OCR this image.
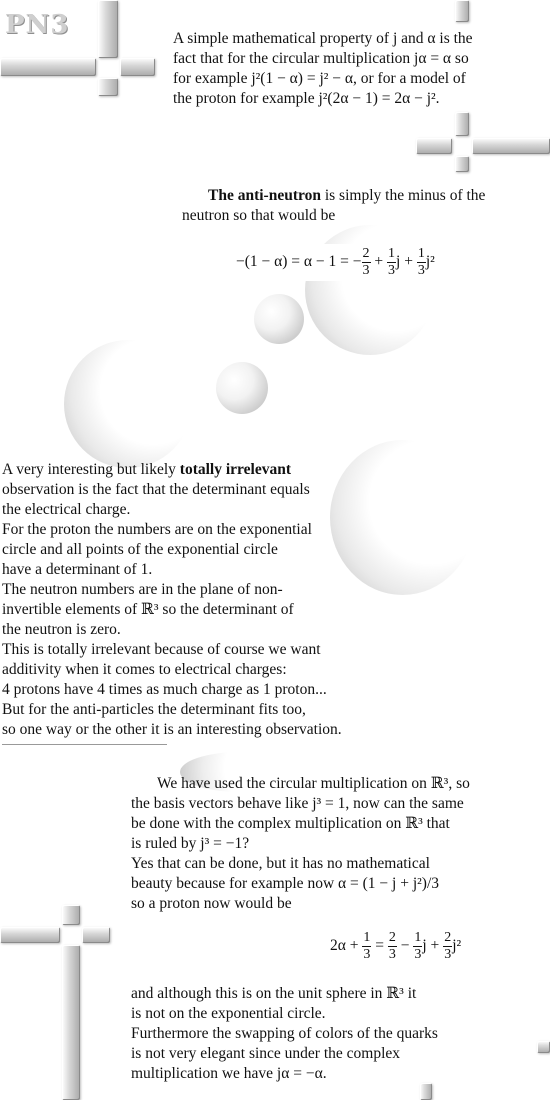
PN3	A simple mathematical property of j and α is the

fact that for the circular multiplication jα = α so

for example j²(1 − α) = j² − α, or for a model of

the proton for example j²(2α − 1) = 2α − j².

The anti-neutron is simply the minus of the

neutron so that would be

−(1 − α) = α − 1 = − $\frac{2}{3} + \frac{1}{3}$ $j + \frac{1}{3} j^2$

A very interesting but likely totally irrelevant

observation is the fact that the determinant equals

the electrical charge.

For the proton the numbers are on the exponential

circle and all points of the exponential circle

have a determinant of 1.

The neutron numbers are in the plane of non-

invertible elements of ℝ³ so the determinant of

the neutron is zero.

This is totally irrelevant because of course we want

additivity when it comes to electrical charges:

4 protons have 4 times as much charge as 1 proton...

But for the anti-particles the determinant fits too,

so one way or the other it is an interesting observation.

We have used the circular multiplication on ℝ³, so

the basis vectors behave like j³ = 1, now can the same

be done with the complex multiplication on ℝ³ that

is ruled by j³ = −1?

Yes that can be done, but it has no mathematical

beauty because for example now α = (1 − j + j²)/3

so a proton now would be

$2\alpha + \frac{1}{3} = \frac{2}{3} - \frac{1}{3}$ $j + \frac{2}{3} j^2$

and although this is on the unit sphere in ℝ³ it

is not on the exponential circle.

Furthermore the swapping of colors of the quarks

is not very elegant since under the complex

multiplication we have jα = −α.
